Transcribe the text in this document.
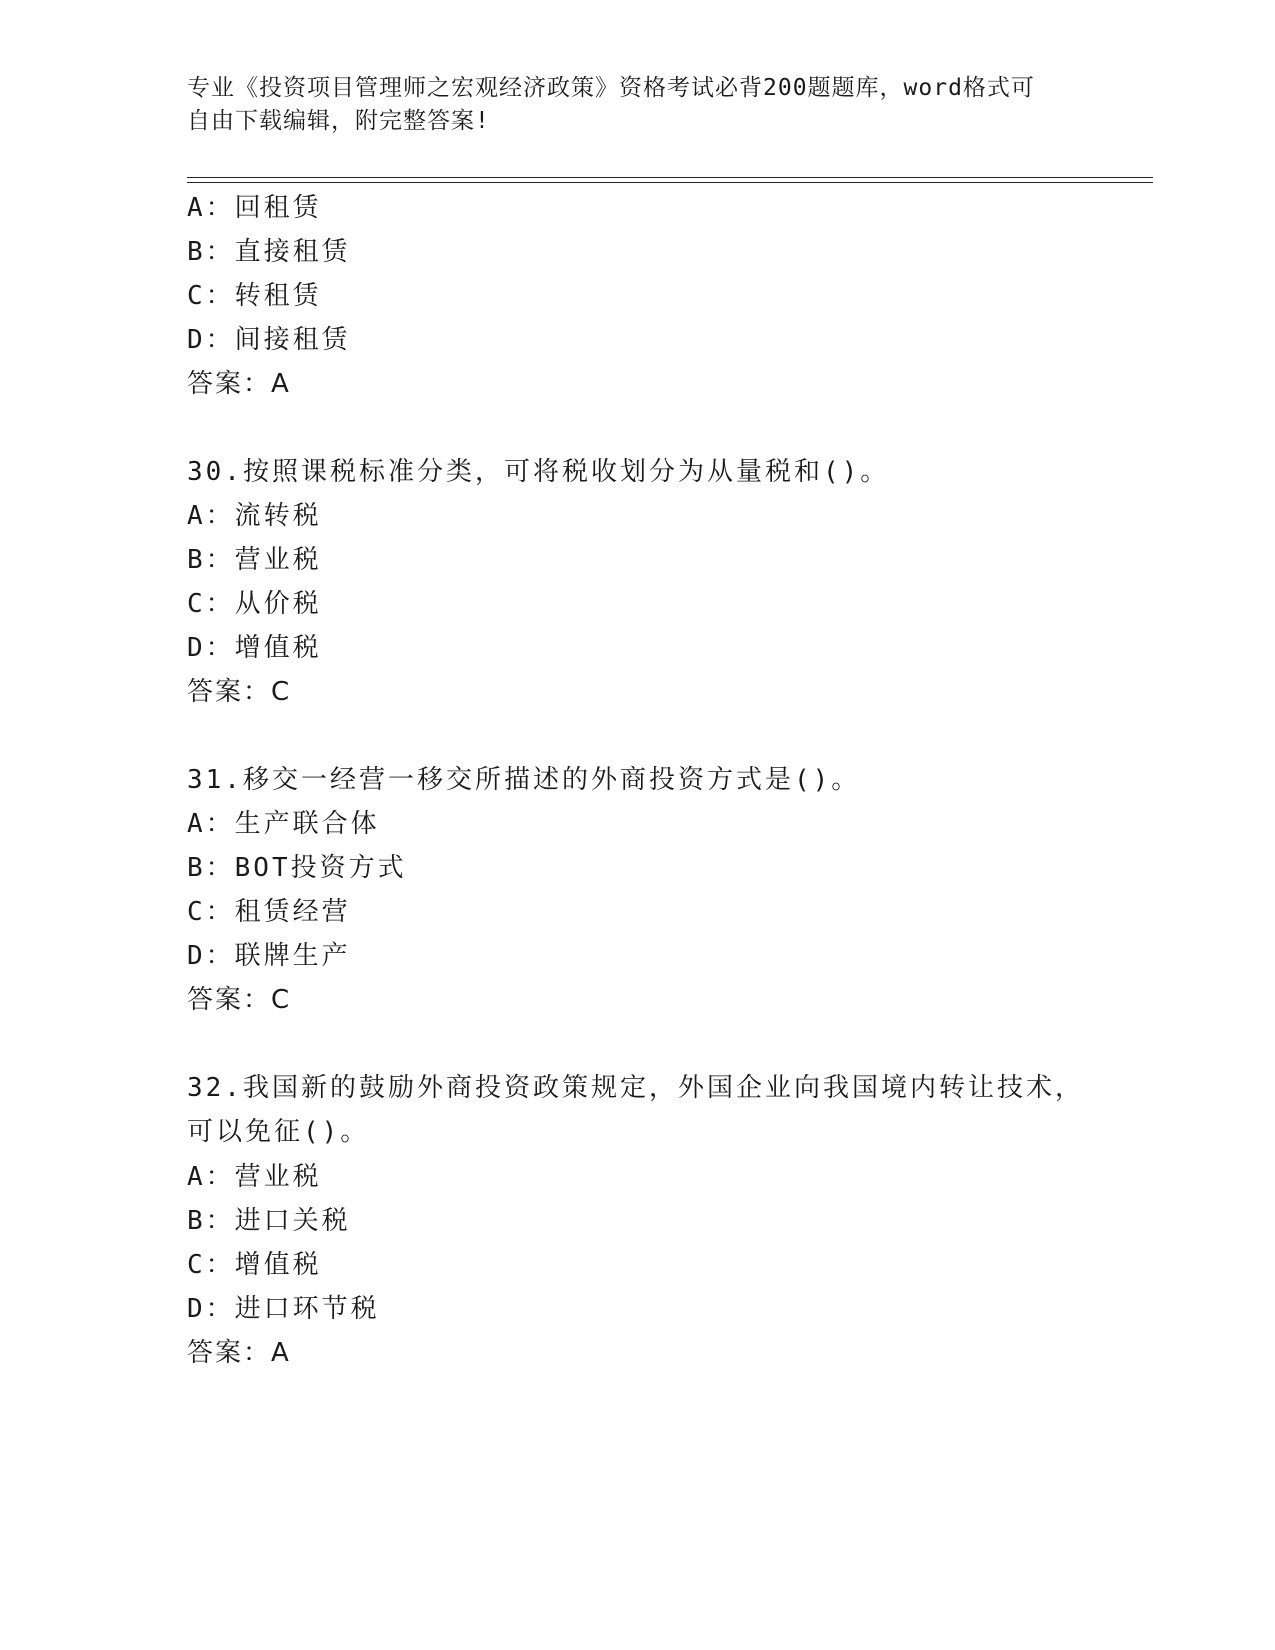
专业《投资项目管理师之宏观经济政策》资格考试必背200题题库，word格式可
自由下载编辑，附完整答案!
A：回租赁
B：直接租赁
C：转租赁
D：间接租赁
答案：A
30.按照课税标准分类，可将税收划分为从量税和()。
A：流转税
B：营业税
C：从价税
D：增值税
答案：C
31.移交一经营一移交所描述的外商投资方式是()。
A：生产联合体
B：BOT投资方式
C：租赁经营
D：联牌生产
答案：C
32.我国新的鼓励外商投资政策规定，外国企业向我国境内转让技术，
可以免征()。
A：营业税
B：进口关税
C：增值税
D：进口环节税
答案：A
